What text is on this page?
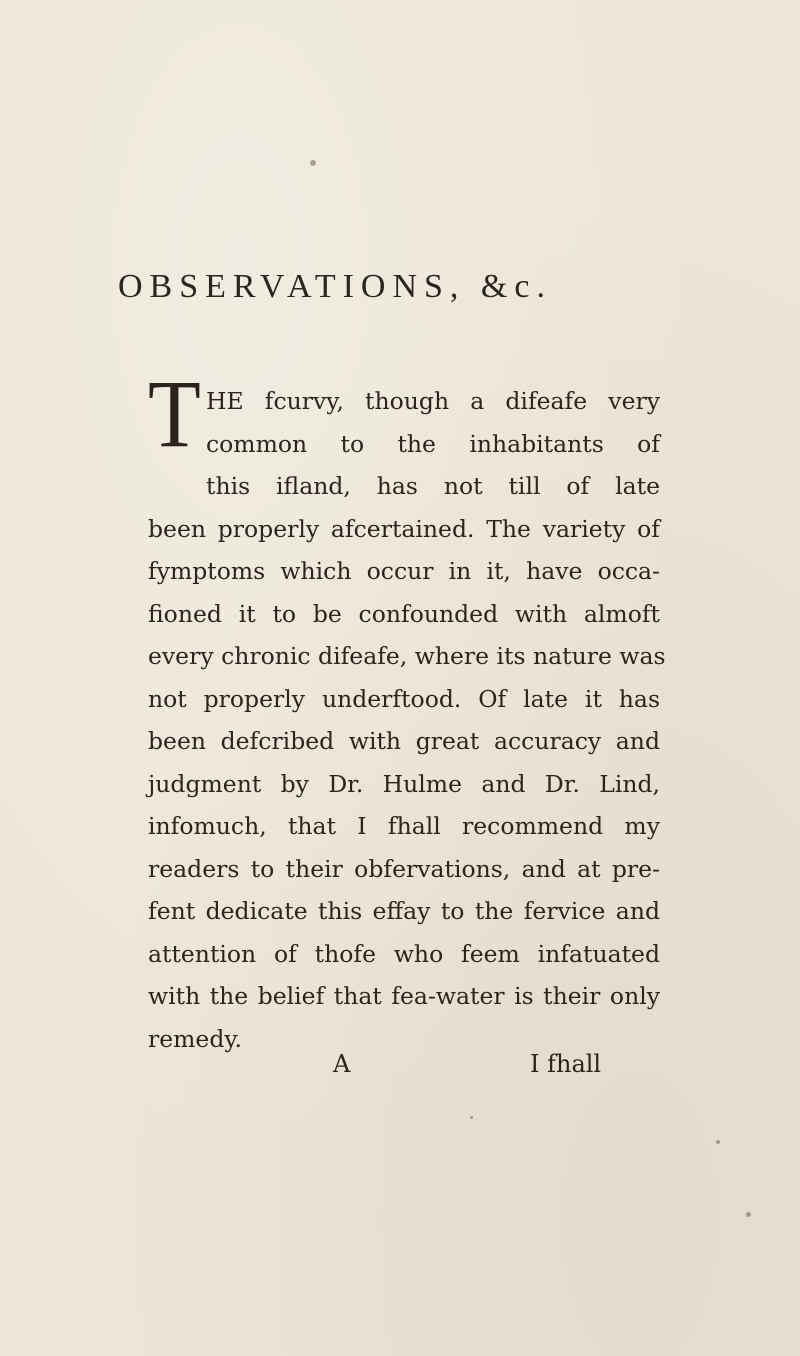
OBSERVATIONS, &c.
T HE fcurvy, though a difeafe very
common to the inhabitants of
this ifland, has not till of late
been properly afcertained. The variety of
fymptoms which occur in it, have occa-
fioned it to be confounded with almoft
every chronic difeafe, where its nature was
not properly underftood. Of late it has
been defcribed with great accuracy and
judgment by Dr. Hulme and Dr. Lind,
infomuch, that I fhall recommend my
readers to their obfervations, and at pre-
fent dedicate this effay to the fervice and
attention of thofe who feem infatuated
with the belief that fea-water is their only
remedy.
A	I fhall
